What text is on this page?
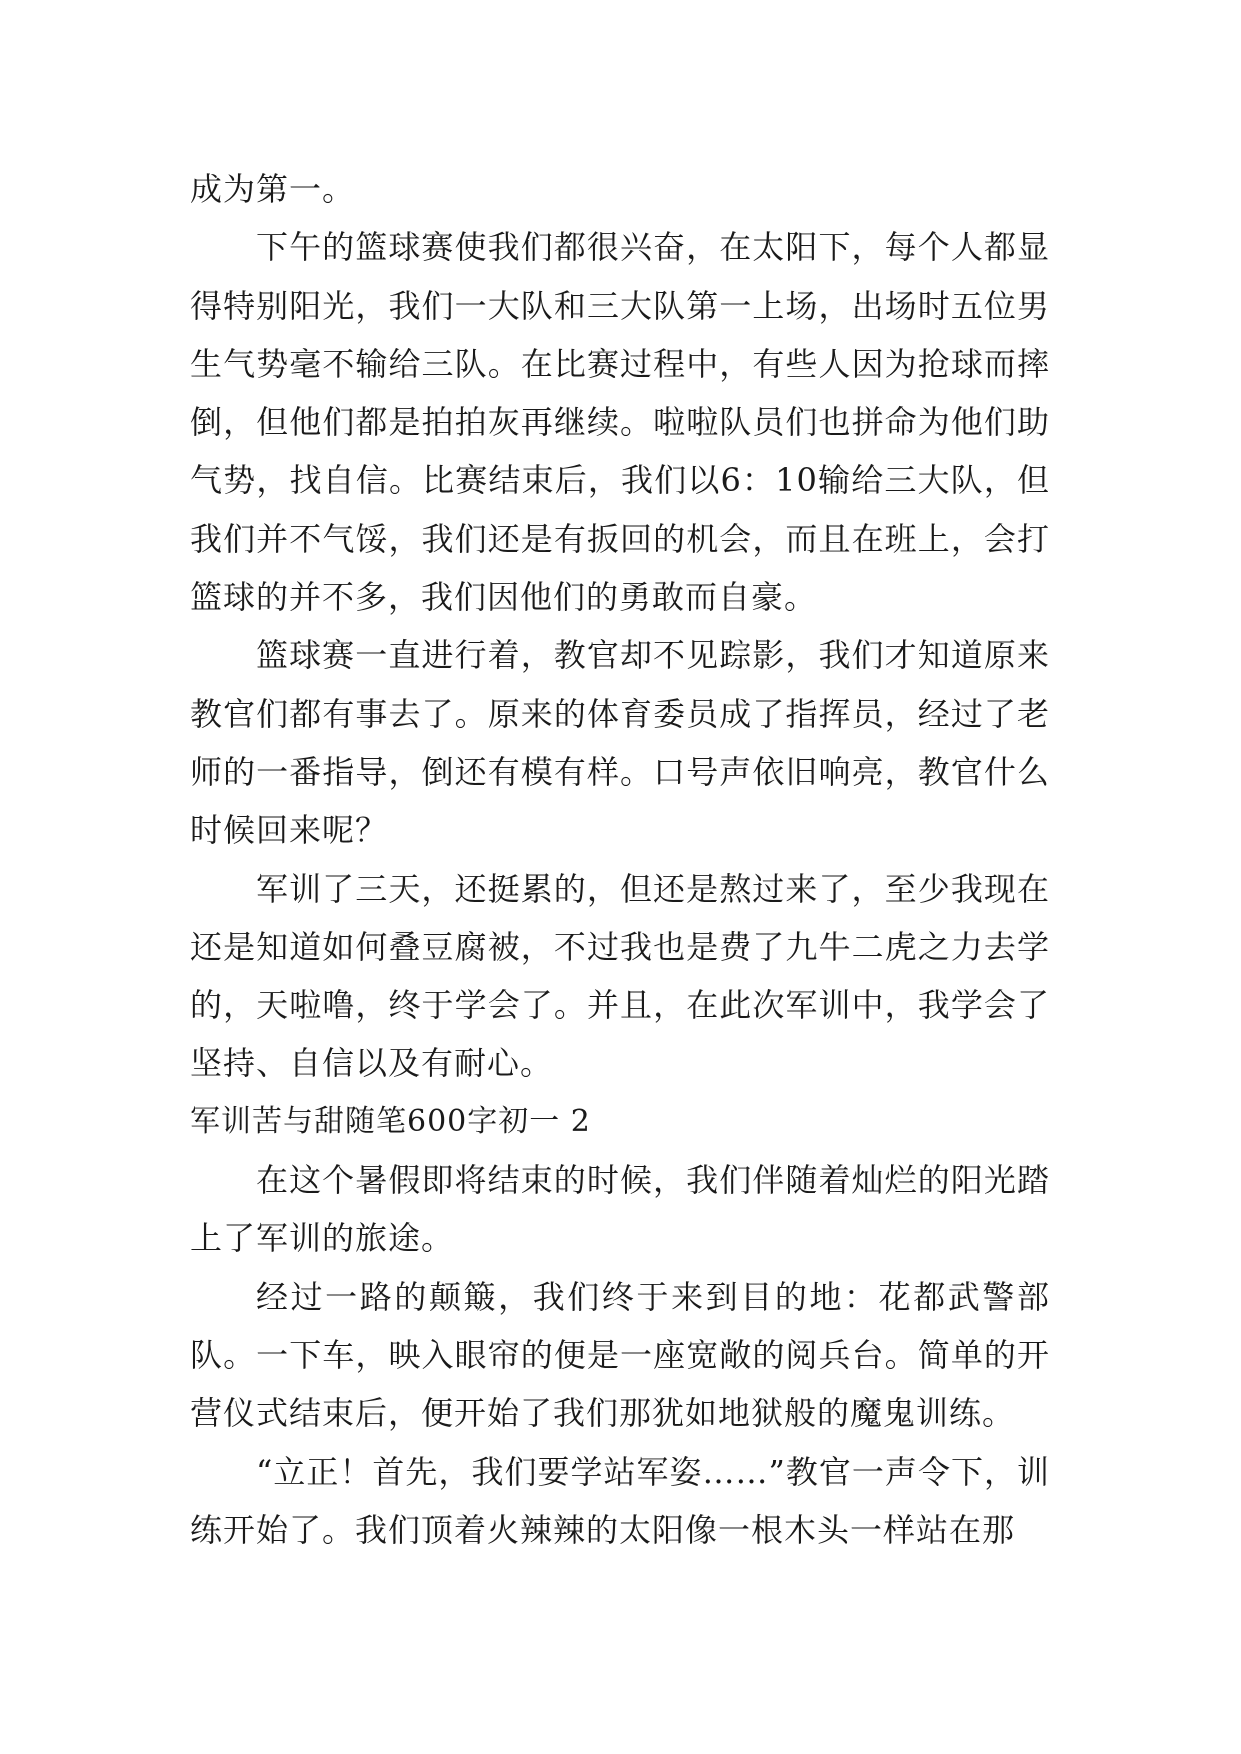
成为第一。

下午的篮球赛使我们都很兴奋，在太阳下，每个人都显得特别阳光，我们一大队和三大队第一上场，出场时五位男生气势毫不输给三队。在比赛过程中，有些人因为抢球而摔倒，但他们都是拍拍灰再继续。啦啦队员们也拼命为他们助气势，找自信。比赛结束后，我们以6：10输给三大队，但我们并不气馁，我们还是有扳回的机会，而且在班上，会打篮球的并不多，我们因他们的勇敢而自豪。

篮球赛一直进行着，教官却不见踪影，我们才知道原来教官们都有事去了。原来的体育委员成了指挥员，经过了老师的一番指导，倒还有模有样。口号声依旧响亮，教官什么时候回来呢？

军训了三天，还挺累的，但还是熬过来了，至少我现在还是知道如何叠豆腐被，不过我也是费了九牛二虎之力去学的，天啦噜，终于学会了。并且，在此次军训中，我学会了坚持、自信以及有耐心。

军训苦与甜随笔600字初一 2

在这个暑假即将结束的时候，我们伴随着灿烂的阳光踏上了军训的旅途。

经过一路的颠簸，我们终于来到目的地：花都武警部队。一下车，映入眼帘的便是一座宽敞的阅兵台。简单的开营仪式结束后，便开始了我们那犹如地狱般的魔鬼训练。

“立正！首先，我们要学站军姿……”教官一声令下，训练开始了。我们顶着火辣辣的太阳像一根木头一样站在那
